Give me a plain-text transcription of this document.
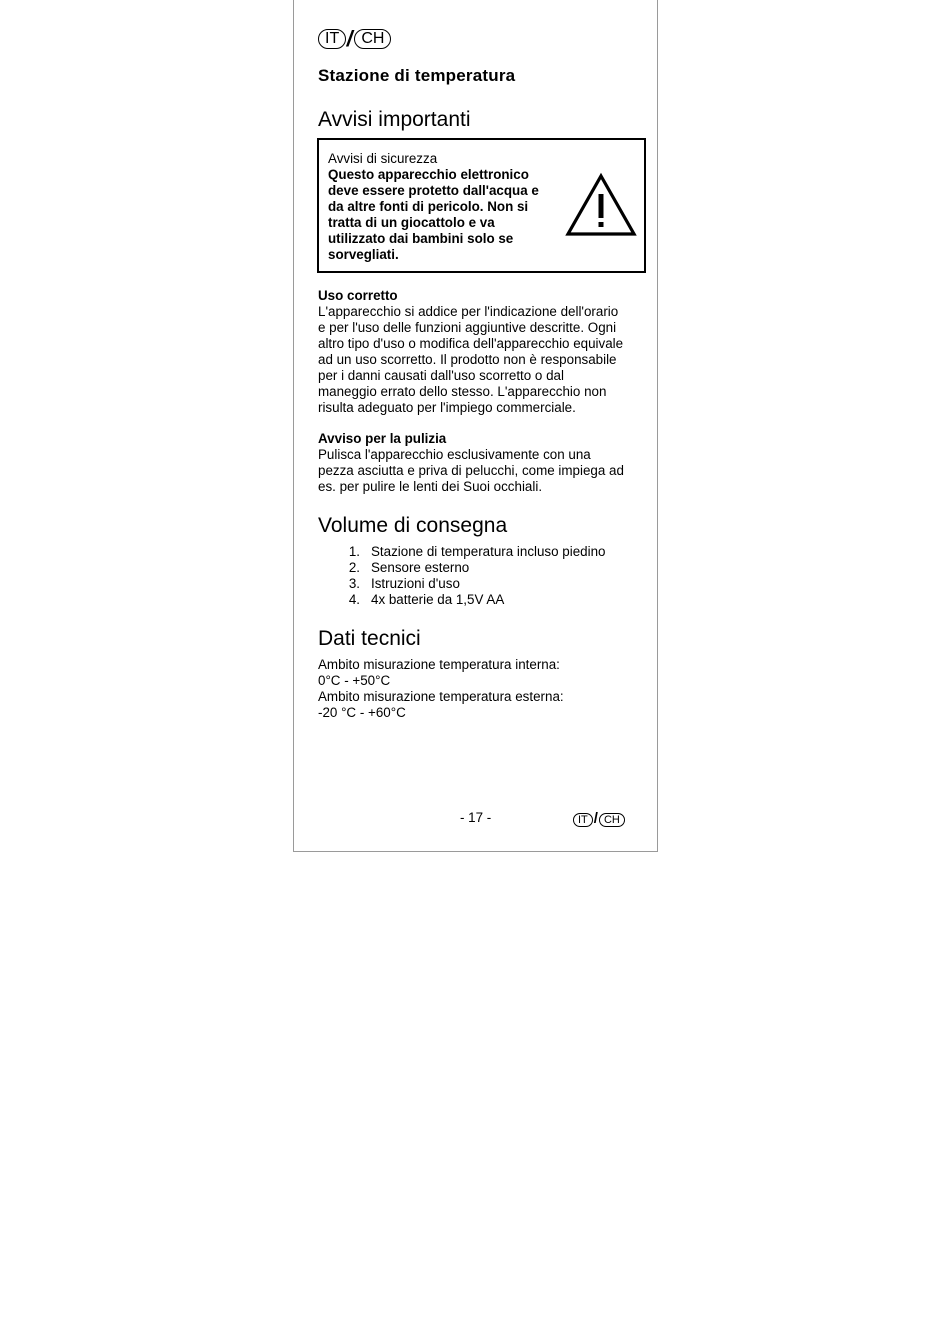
IT / CH
Stazione di temperatura
Avvisi importanti
Avvisi di sicurezza
Questo apparecchio elettronico
deve essere protetto dall'acqua e
da altre fonti di pericolo. Non si
tratta di un giocattolo e va
utilizzato dai bambini solo se
sorvegliati.
Uso corretto
L'apparecchio si addice per l'indicazione dell'orario
e per l'uso delle funzioni aggiuntive descritte. Ogni
altro tipo d'uso o modifica dell'apparecchio equivale
ad un uso scorretto. Il prodotto non è responsabile
per i danni causati dall'uso scorretto o dal
maneggio errato dello stesso. L'apparecchio non
risulta adeguato per l'impiego commerciale.
Avviso per la pulizia
Pulisca l'apparecchio esclusivamente con una
pezza asciutta e priva di pelucchi, come impiega ad
es. per pulire le lenti dei Suoi occhiali.
Volume di consegna
1. Stazione di temperatura incluso piedino
2. Sensore esterno
3. Istruzioni d'uso
4. 4x batterie da 1,5V AA
Dati tecnici
Ambito misurazione temperatura interna:
0°C - +50°C
Ambito misurazione temperatura esterna:
-20 °C - +60°C
- 17 -	IT / CH
